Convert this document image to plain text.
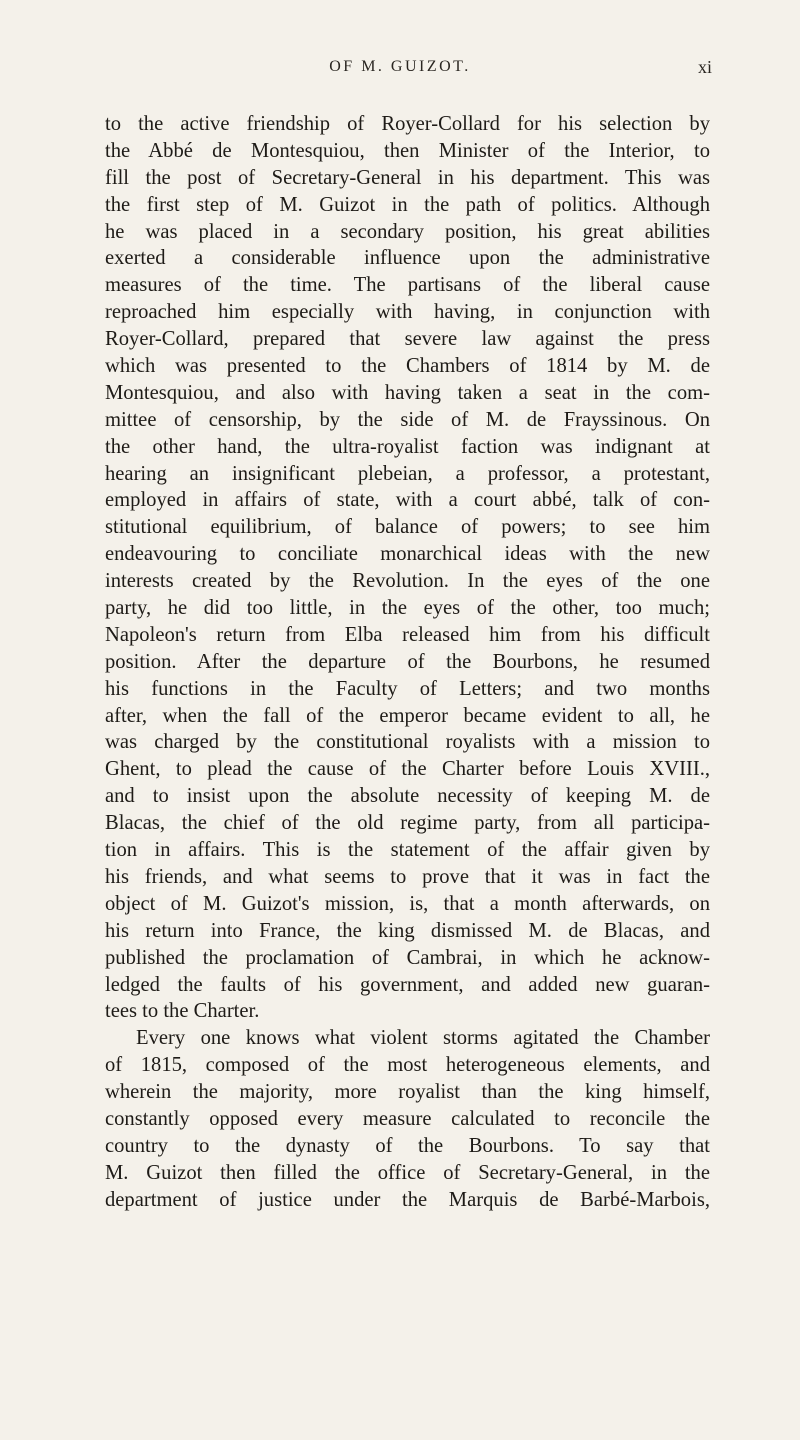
OF M. GUIZOT.	xi
to the active friendship of Royer-Collard for his selection by
the Abbé de Montesquiou, then Minister of the Interior, to
fill the post of Secretary-General in his department. This was
the first step of M. Guizot in the path of politics. Although
he was placed in a secondary position, his great abilities
exerted a considerable influence upon the administrative
measures of the time. The partisans of the liberal cause
reproached him especially with having, in conjunction with
Royer-Collard, prepared that severe law against the press
which was presented to the Chambers of 1814 by M. de
Montesquiou, and also with having taken a seat in the com-
mittee of censorship, by the side of M. de Frayssinous. On
the other hand, the ultra-royalist faction was indignant at
hearing an insignificant plebeian, a professor, a protestant,
employed in affairs of state, with a court abbé, talk of con-
stitutional equilibrium, of balance of powers; to see him
endeavouring to conciliate monarchical ideas with the new
interests created by the Revolution. In the eyes of the one
party, he did too little, in the eyes of the other, too much;
Napoleon's return from Elba released him from his difficult
position. After the departure of the Bourbons, he resumed
his functions in the Faculty of Letters; and two months
after, when the fall of the emperor became evident to all, he
was charged by the constitutional royalists with a mission to
Ghent, to plead the cause of the Charter before Louis XVIII.,
and to insist upon the absolute necessity of keeping M. de
Blacas, the chief of the old regime party, from all participa-
tion in affairs. This is the statement of the affair given by
his friends, and what seems to prove that it was in fact the
object of M. Guizot's mission, is, that a month afterwards, on
his return into France, the king dismissed M. de Blacas, and
published the proclamation of Cambrai, in which he acknow-
ledged the faults of his government, and added new guaran-
tees to the Charter.
Every one knows what violent storms agitated the Chamber
of 1815, composed of the most heterogeneous elements, and
wherein the majority, more royalist than the king himself,
constantly opposed every measure calculated to reconcile the
country to the dynasty of the Bourbons. To say that
M. Guizot then filled the office of Secretary-General, in the
department of justice under the Marquis de Barbé-Marbois,
